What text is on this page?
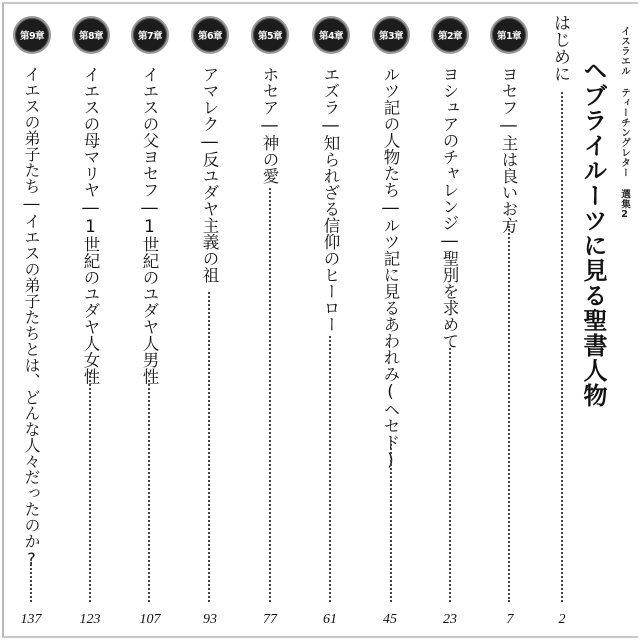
イスラエル ティーチングレター 選集2
ヘブライルーツに見る聖書人物
はじめに
2
第1章
ヨセフ―主は良いお方
7
第2章
ヨシュアのチャレンジ―聖別を求めて
23
第3章
ルツ記の人物たち―ルツ記に見るあわれみ(ヘセド)
45
第4章
エズラ―知られざる信仰のヒーロー
61
第5章
ホセア―神の愛
77
第6章
アマレク―反ユダヤ主義の祖
93
第7章
イエスの父ヨセフ―1世紀のユダヤ人男性
107
第8章
イエスの母マリヤ―1世紀のユダヤ人女性
123
第9章
イエスの弟子たち―イエスの弟子たちとは、どんな人々だったのか?
137
